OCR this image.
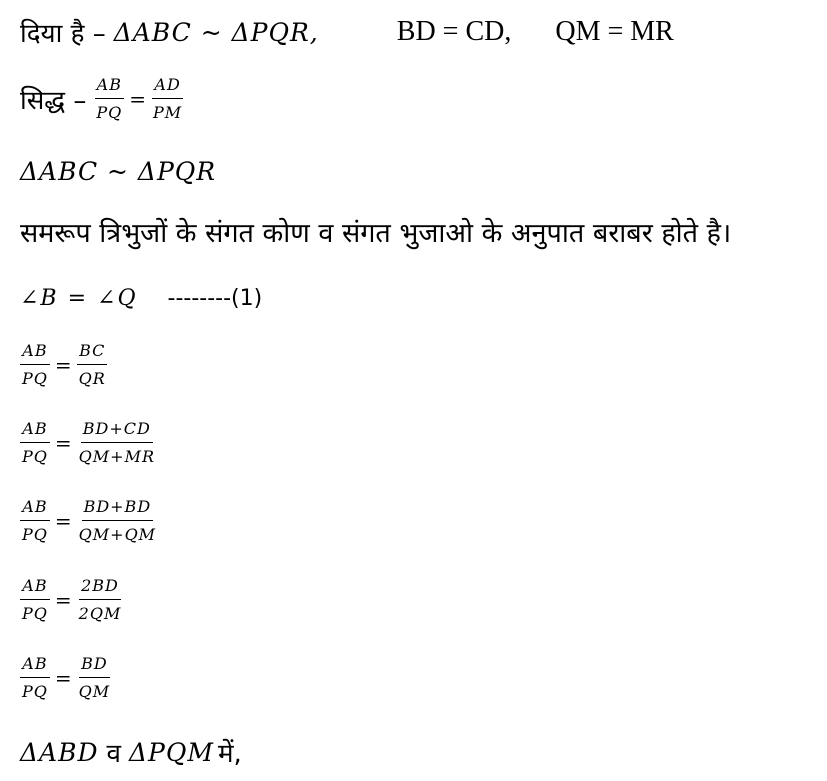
दिया है – ΔABC ~ ΔPQR,	BD = CD, QM = MR
सिद्ध – $\frac{AB}{PQ} = \frac{AD}{PM}$
ΔABC ~ ΔPQR
समरूप त्रिभुजों के संगत कोण व संगत भुजाओ के अनुपात बराबर होते है।
∠B = ∠Q --------(1)
$\frac{AB}{PQ} = \frac{BC}{QR}$
$\frac{AB}{PQ} = \frac{BD+CD}{QM+MR}$
$\frac{AB}{PQ} = \frac{BD+BD}{QM+QM}$
$\frac{AB}{PQ} = \frac{2BD}{2QM}$
$\frac{AB}{PQ} = \frac{BD}{QM}$
ΔABD व ΔPQM में,
